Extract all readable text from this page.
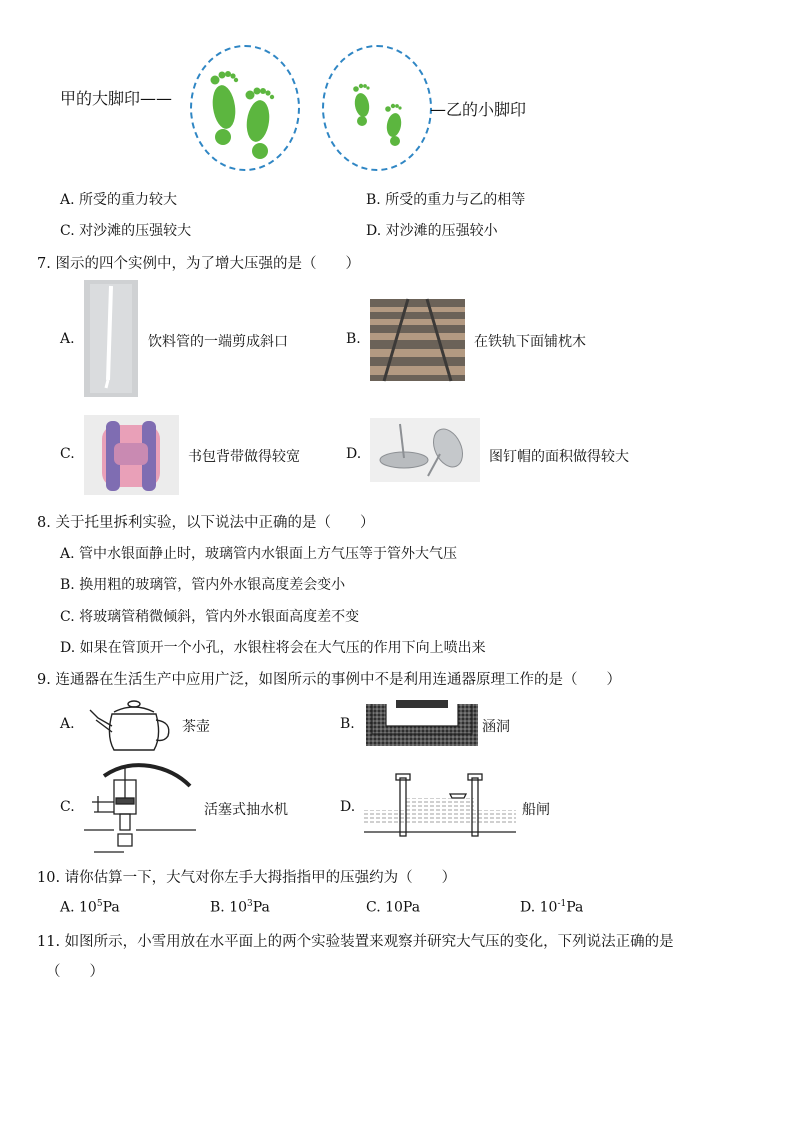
甲的大脚印——
—乙的小脚印
A. 所受的重力较大	B. 所受的重力与乙的相等
C. 对沙滩的压强较大	D. 对沙滩的压强较小
7. 图示的四个实例中，为了增大压强的是（　　）
A.	饮料管的一端剪成斜口	B.	在铁轨下面铺枕木
C.	书包背带做得较宽	D.	图钉帽的面积做得较大
8. 关于托里拆利实验，以下说法中正确的是（　　）
A. 管中水银面静止时，玻璃管内水银面上方气压等于管外大气压
B. 换用粗的玻璃管，管内外水银高度差会变小
C. 将玻璃管稍微倾斜，管内外水银面高度差不变
D. 如果在管顶开一个小孔，水银柱将会在大气压的作用下向上喷出来
9. 连通器在生活生产中应用广泛，如图所示的事例中不是利用连通器原理工作的是（　　）
A.	茶壶	B.	涵洞
C.	活塞式抽水机	D.	船闸
10. 请你估算一下，大气对你左手大拇指指甲的压强约为（　　）
A. $10^5Pa$	B. $10^3Pa$	C. 10Pa	D. $10^{-1}Pa$
11. 如图所示，小雪用放在水平面上的两个实验装置来观察并研究大气压的变化，下列说法正确的是
（　　）
